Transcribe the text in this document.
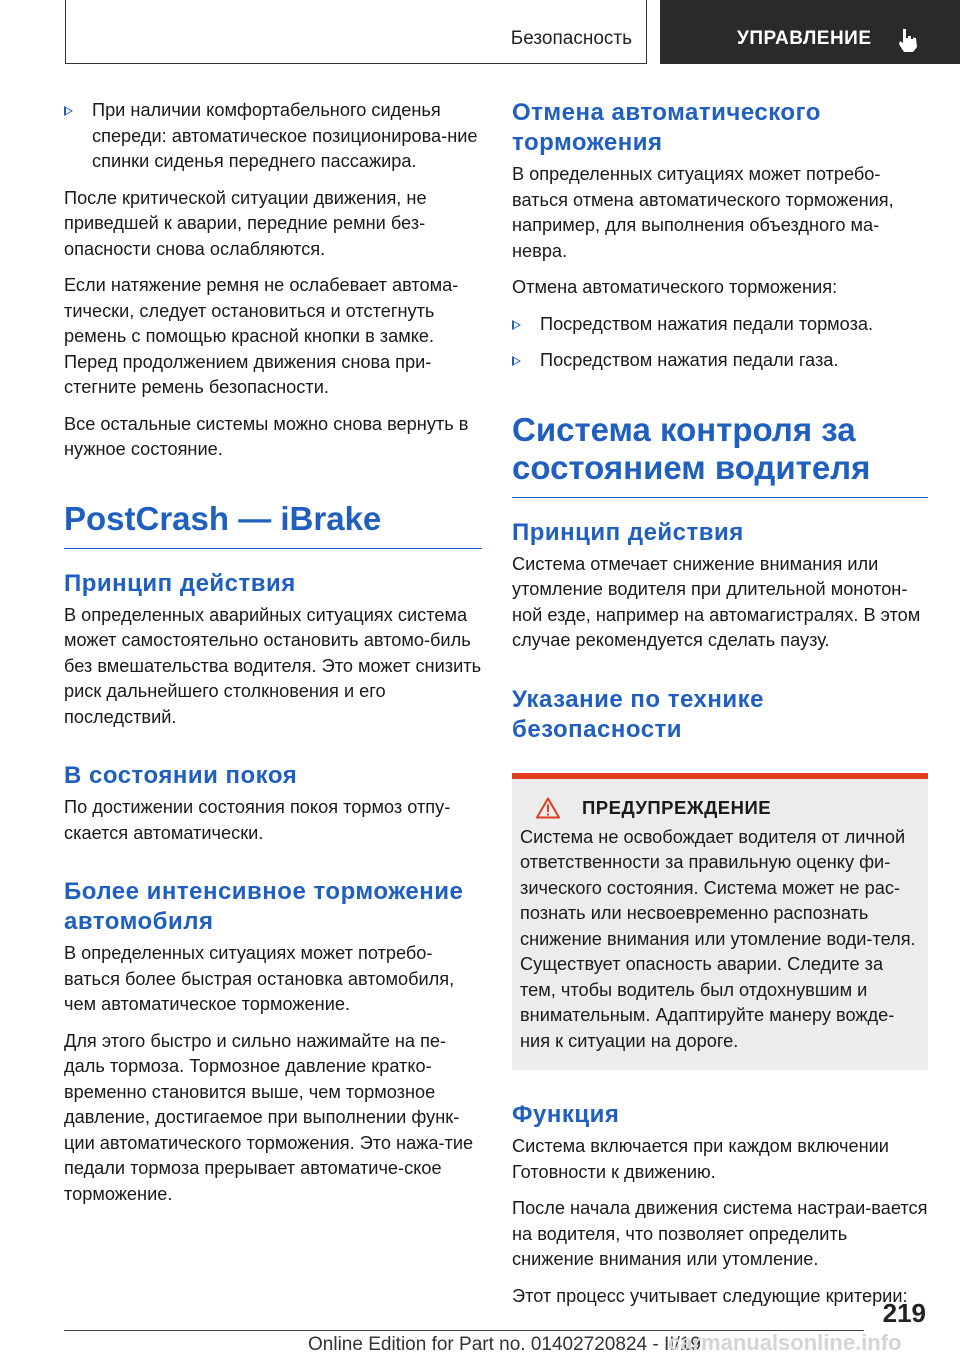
Безопасность	УПРАВЛЕНИЕ
При наличии комфортабельного сиденья спереди: автоматическое позиционирова-ние спинки сиденья переднего пассажира.

После критической ситуации движения, не приведшей к аварии, передние ремни без-опасности снова ослабляются.

Если натяжение ремня не ослабевает автома-тически, следует остановиться и отстегнуть ремень с помощью красной кнопки в замке. Перед продолжением движения снова при-стегните ремень безопасности.

Все остальные системы можно снова вернуть в нужное состояние.

PostCrash — iBrake
Принцип действия

В определенных аварийных ситуациях система может самостоятельно остановить автомо-биль без вмешательства водителя. Это может снизить риск дальнейшего столкновения и его последствий.

В состоянии покоя

По достижении состояния покоя тормоз отпу-скается автоматически.

Более интенсивное торможение автомобиля

В определенных ситуациях может потребо-ваться более быстрая остановка автомобиля, чем автоматическое торможение.

Для этого быстро и сильно нажимайте на пе-даль тормоза. Тормозное давление кратко-временно становится выше, чем тормозное давление, достигаемое при выполнении функ-ции автоматического торможения. Это нажа-тие педали тормоза прерывает автоматиче-ское торможение.

Отмена автоматического торможения

В определенных ситуациях может потребо-ваться отмена автоматического торможения, например, для выполнения объездного ма-невра.

Отмена автоматического торможения:

Посредством нажатия педали тормоза.
Посредством нажатия педали газа.
Система контроля за состоянием водителя
Принцип действия

Система отмечает снижение внимания или утомление водителя при длительной монотон-ной езде, например на автомагистралях. В этом случае рекомендуется сделать паузу.

Указание по технике безопасности
ПРЕДУПРЕЖДЕНИЕ

Система не освобождает водителя от личной ответственности за правильную оценку фи-зического состояния. Система может не рас-познать или несвоевременно распознать снижение внимания или утомление води-теля. Существует опасность аварии. Следите за тем, чтобы водитель был отдохнувшим и внимательным. Адаптируйте манеру вожде-ния к ситуации на дороге.

Функция

Система включается при каждом включении Готовности к движению.

После начала движения система настраи-вается на водителя, что позволяет определить снижение внимания или утомление.

Этот процесс учитывает следующие критерии:

219
Online Edition for Part no. 01402720824 - II/19
carmanualsonline.info
